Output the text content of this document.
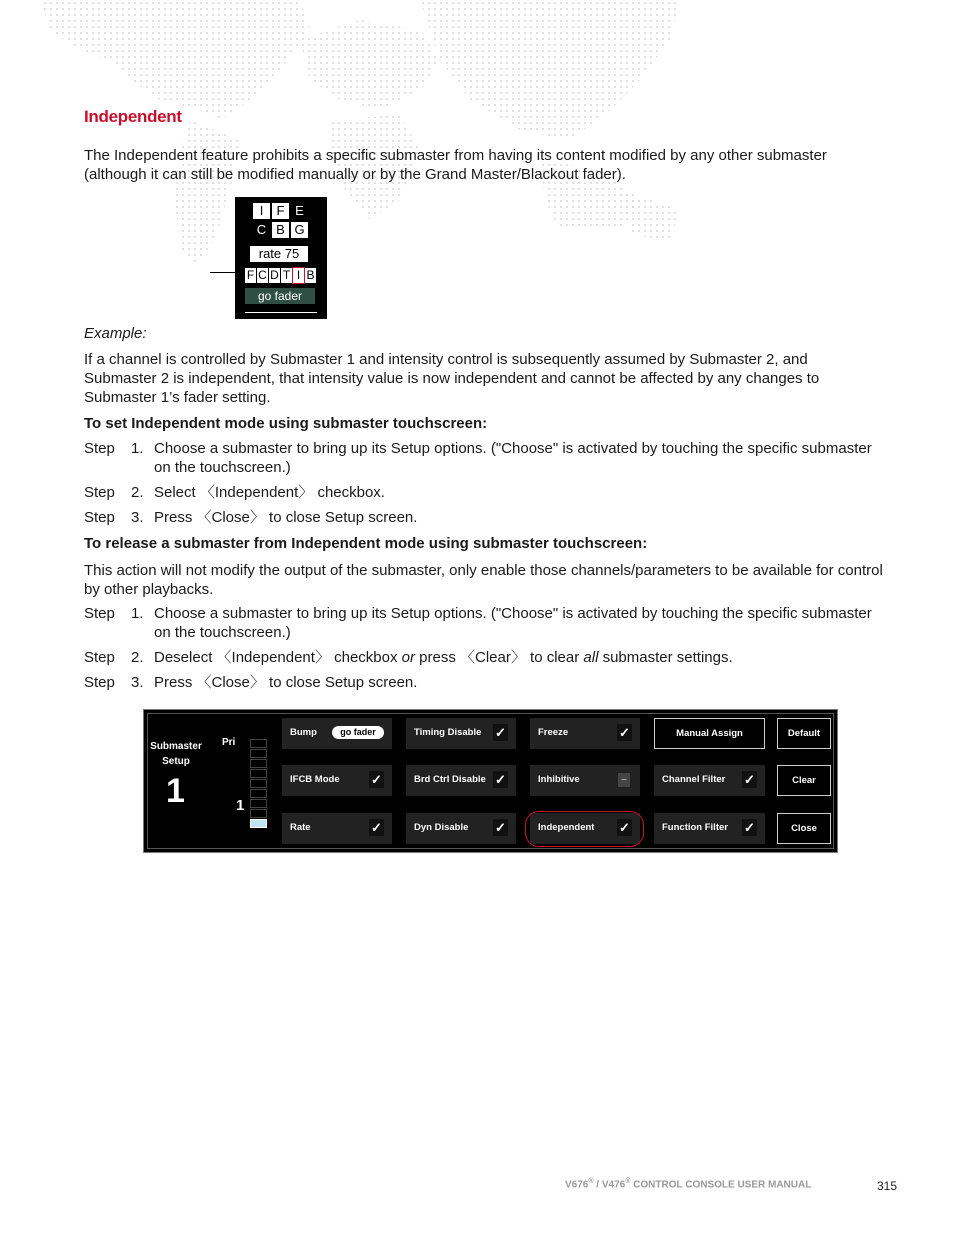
Independent
The Independent feature prohibits a specific submaster from having its content modified by any other submaster (although it can still be modified manually or by the Grand Master/Blackout fader).
I	F E
C B G
rate 75
F C D T I B
go fader
Example:
If a channel is controlled by Submaster 1 and intensity control is subsequently assumed by Submaster 2, and Submaster 2 is independent, that intensity value is now independent and cannot be affected by any changes to Submaster 1’s fader setting.
To set Independent mode using submaster touchscreen:
Step 1. Choose a submaster to bring up its Setup options. ("Choose" is activated by touching the specific submaster on the touchscreen.)
Step 2. Select 〈Independent〉 checkbox.
Step 3. Press 〈Close〉 to close Setup screen.
To release a submaster from Independent mode using submaster touchscreen:
This action will not modify the output of the submaster, only enable those channels/parameters to be available for control by other playbacks.
Step 1. Choose a submaster to bring up its Setup options. ("Choose" is activated by touching the specific submaster on the touchscreen.)
Step 2. Deselect 〈Independent〉 checkbox or press 〈Clear〉 to clear all submaster settings.
Step 3. Press 〈Close〉 to close Setup screen.
Submaster
Setup
1
Pri
1
Bump	go fader
IFCB Mode ✓
Rate	✓
Timing Disable ✓
Brd Ctrl Disable ✓
Dyn Disable ✓
Freeze	✓
Inhibitive	–
Independent ✓
Manual Assign
Channel Filter ✓
Function Filter ✓
Default
Clear
Close
V676® / V476® CONTROL CONSOLE USER MANUAL	315
